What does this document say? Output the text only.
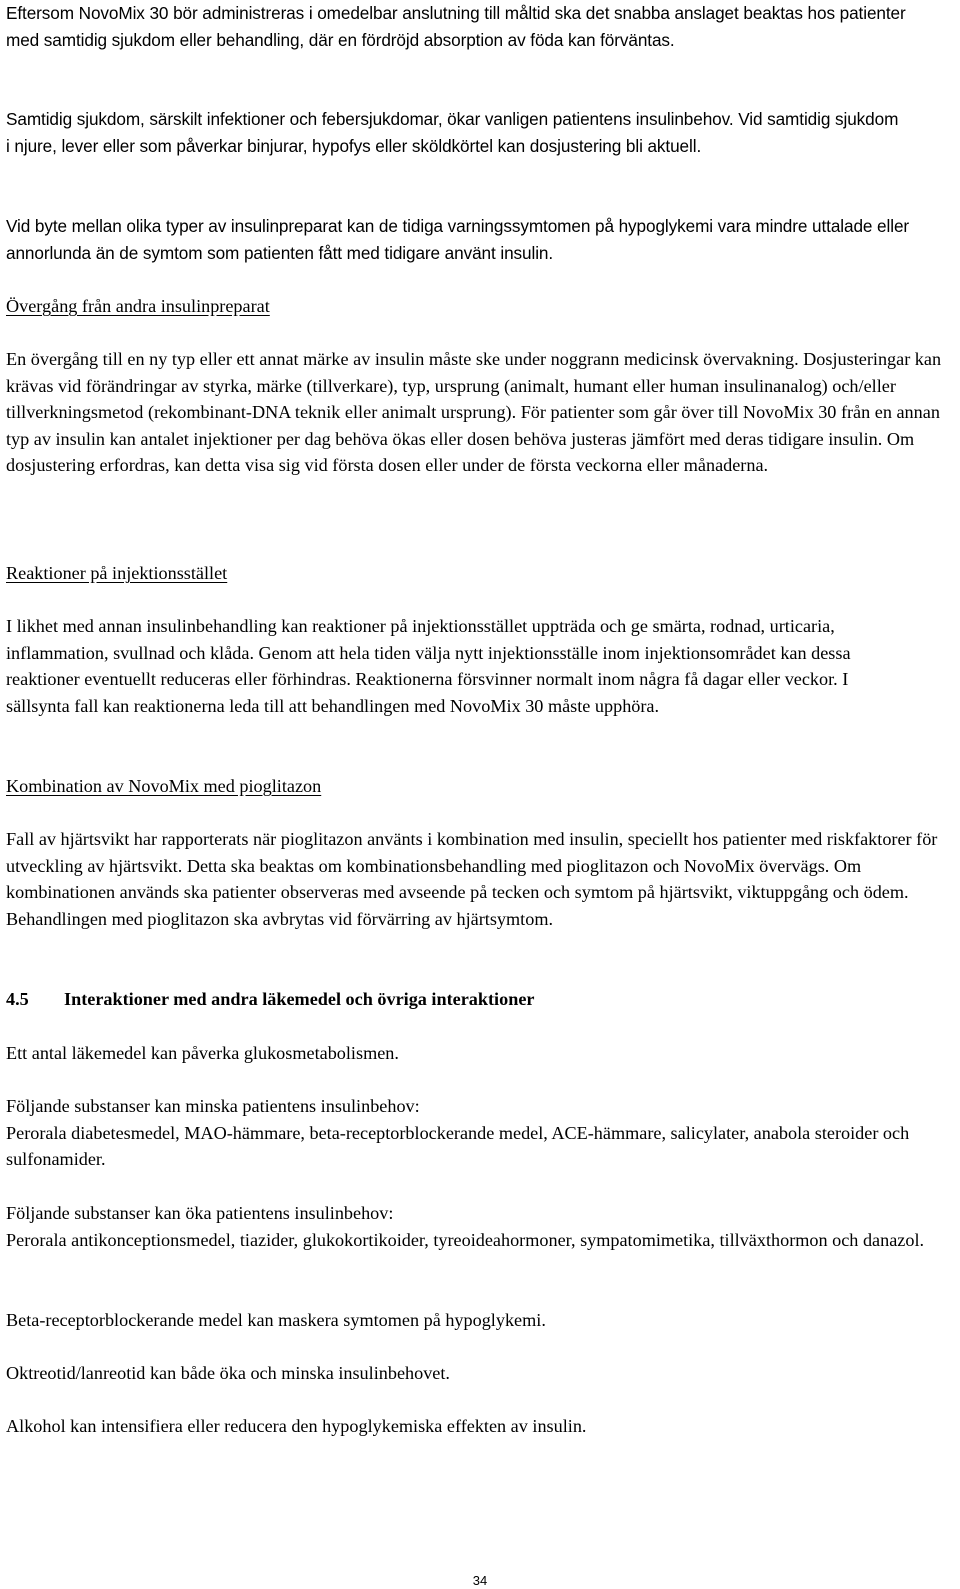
Eftersom NovoMix 30 bör administreras i omedelbar anslutning till måltid ska det snabba anslaget beaktas hos patienter med samtidig sjukdom eller behandling, där en fördröjd absorption av föda kan förväntas.

Samtidig sjukdom, särskilt infektioner och febersjukdomar, ökar vanligen patientens insulinbehov. Vid samtidig sjukdom i njure, lever eller som påverkar binjurar, hypofys eller sköldkörtel kan dosjustering bli aktuell.

Vid byte mellan olika typer av insulinpreparat kan de tidiga varningssymtomen på hypoglykemi vara mindre uttalade eller annorlunda än de symtom som patienten fått med tidigare använt insulin.

Övergång från andra insulinpreparat

En övergång till en ny typ eller ett annat märke av insulin måste ske under noggrann medicinsk övervakning. Dosjusteringar kan krävas vid förändringar av styrka, märke (tillverkare), typ, ursprung (animalt, humant eller human insulinanalog) och/eller tillverkningsmetod (rekombinant-DNA teknik eller animalt ursprung). För patienter som går över till NovoMix 30 från en annan typ av insulin kan antalet injektioner per dag behöva ökas eller dosen behöva justeras jämfört med deras tidigare insulin. Om dosjustering erfordras, kan detta visa sig vid första dosen eller under de första veckorna eller månaderna.

Reaktioner på injektionsstället

I likhet med annan insulinbehandling kan reaktioner på injektionsstället uppträda och ge smärta, rodnad, urticaria, inflammation, svullnad och klåda. Genom att hela tiden välja nytt injektionsställe inom injektionsområdet kan dessa reaktioner eventuellt reduceras eller förhindras. Reaktionerna försvinner normalt inom några få dagar eller veckor. I sällsynta fall kan reaktionerna leda till att behandlingen med NovoMix 30 måste upphöra.

Kombination av NovoMix med pioglitazon

Fall av hjärtsvikt har rapporterats när pioglitazon använts i kombination med insulin, speciellt hos patienter med riskfaktorer för utveckling av hjärtsvikt. Detta ska beaktas om kombinationsbehandling med pioglitazon och NovoMix övervägs. Om kombinationen används ska patienter observeras med avseende på tecken och symtom på hjärtsvikt, viktuppgång och ödem. Behandlingen med pioglitazon ska avbrytas vid förvärring av hjärtsymtom.

4.5 Interaktioner med andra läkemedel och övriga interaktioner

Ett antal läkemedel kan påverka glukosmetabolismen.

Följande substanser kan minska patientens insulinbehov:

Perorala diabetesmedel, MAO-hämmare, beta-receptorblockerande medel, ACE-hämmare, salicylater, anabola steroider och sulfonamider.

Följande substanser kan öka patientens insulinbehov:

Perorala antikonceptionsmedel, tiazider, glukokortikoider, tyreoideahormoner, sympatomimetika, tillväxthormon och danazol.

Beta-receptorblockerande medel kan maskera symtomen på hypoglykemi.

Oktreotid/lanreotid kan både öka och minska insulinbehovet.

Alkohol kan intensifiera eller reducera den hypoglykemiska effekten av insulin.

34
